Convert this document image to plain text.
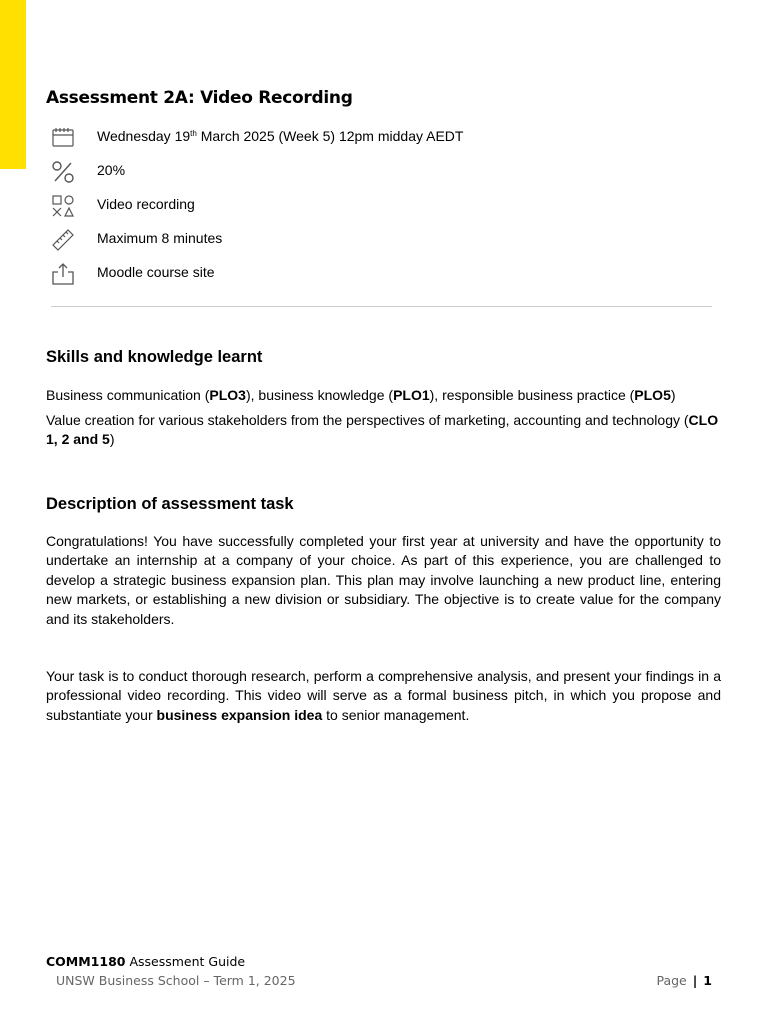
Assessment 2A: Video Recording
Wednesday 19th March 2025 (Week 5) 12pm midday AEDT
20%
Video recording
Maximum 8 minutes
Moodle course site
Skills and knowledge learnt

Business communication (PLO3), business knowledge (PLO1), responsible business practice (PLO5)

Value creation for various stakeholders from the perspectives of marketing, accounting and technology (CLO 1, 2 and 5)

Description of assessment task

Congratulations! You have successfully completed your first year at university and have the opportunity to undertake an internship at a company of your choice. As part of this experience, you are challenged to develop a strategic business expansion plan. This plan may involve launching a new product line, entering new markets, or establishing a new division or subsidiary. The objective is to create value for the company and its stakeholders.

Your task is to conduct thorough research, perform a comprehensive analysis, and present your findings in a professional video recording. This video will serve as a formal business pitch, in which you propose and substantiate your business expansion idea to senior management.

COMM1180 Assessment Guide
UNSW Business School – Term 1, 2025	Page | 1
